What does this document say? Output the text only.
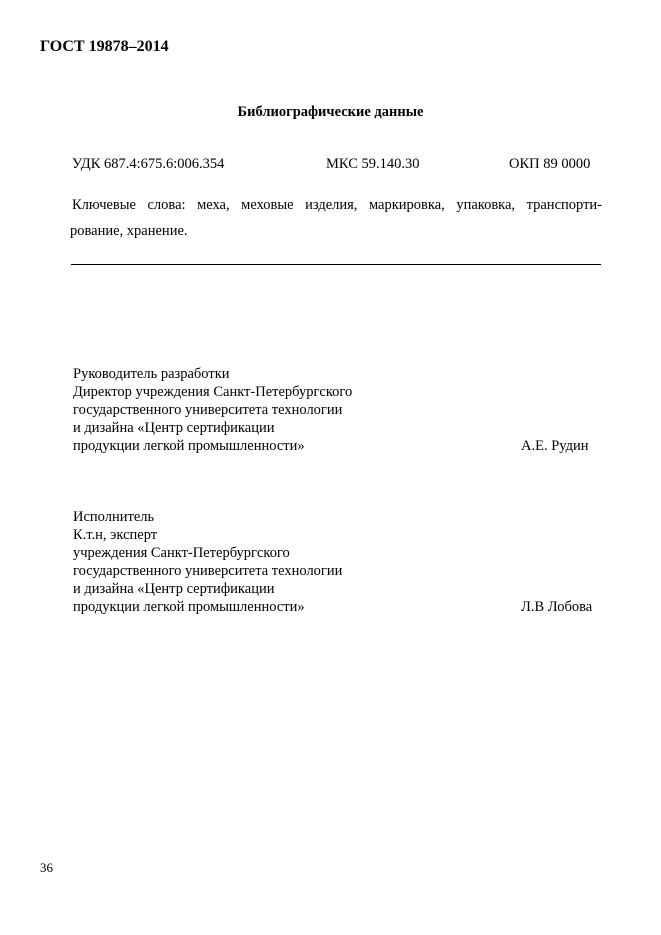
ГОСТ 19878–2014
Библиографические данные
УДК 687.4:675.6:006.354	МКС 59.140.30	ОКП 89 0000
Ключевые слова: меха, меховые изделия, маркировка, упаковка, транспорти-
рование, хранение.
Руководитель разработки
Директор учреждения Санкт-Петербургского
государственного университета технологии
и дизайна «Центр сертификации
продукции легкой промышленности»	А.Е. Рудин
Исполнитель
К.т.н, эксперт
учреждения Санкт-Петербургского
государственного университета технологии
и дизайна «Центр сертификации
продукции легкой промышленности»	Л.В Лобова
36
